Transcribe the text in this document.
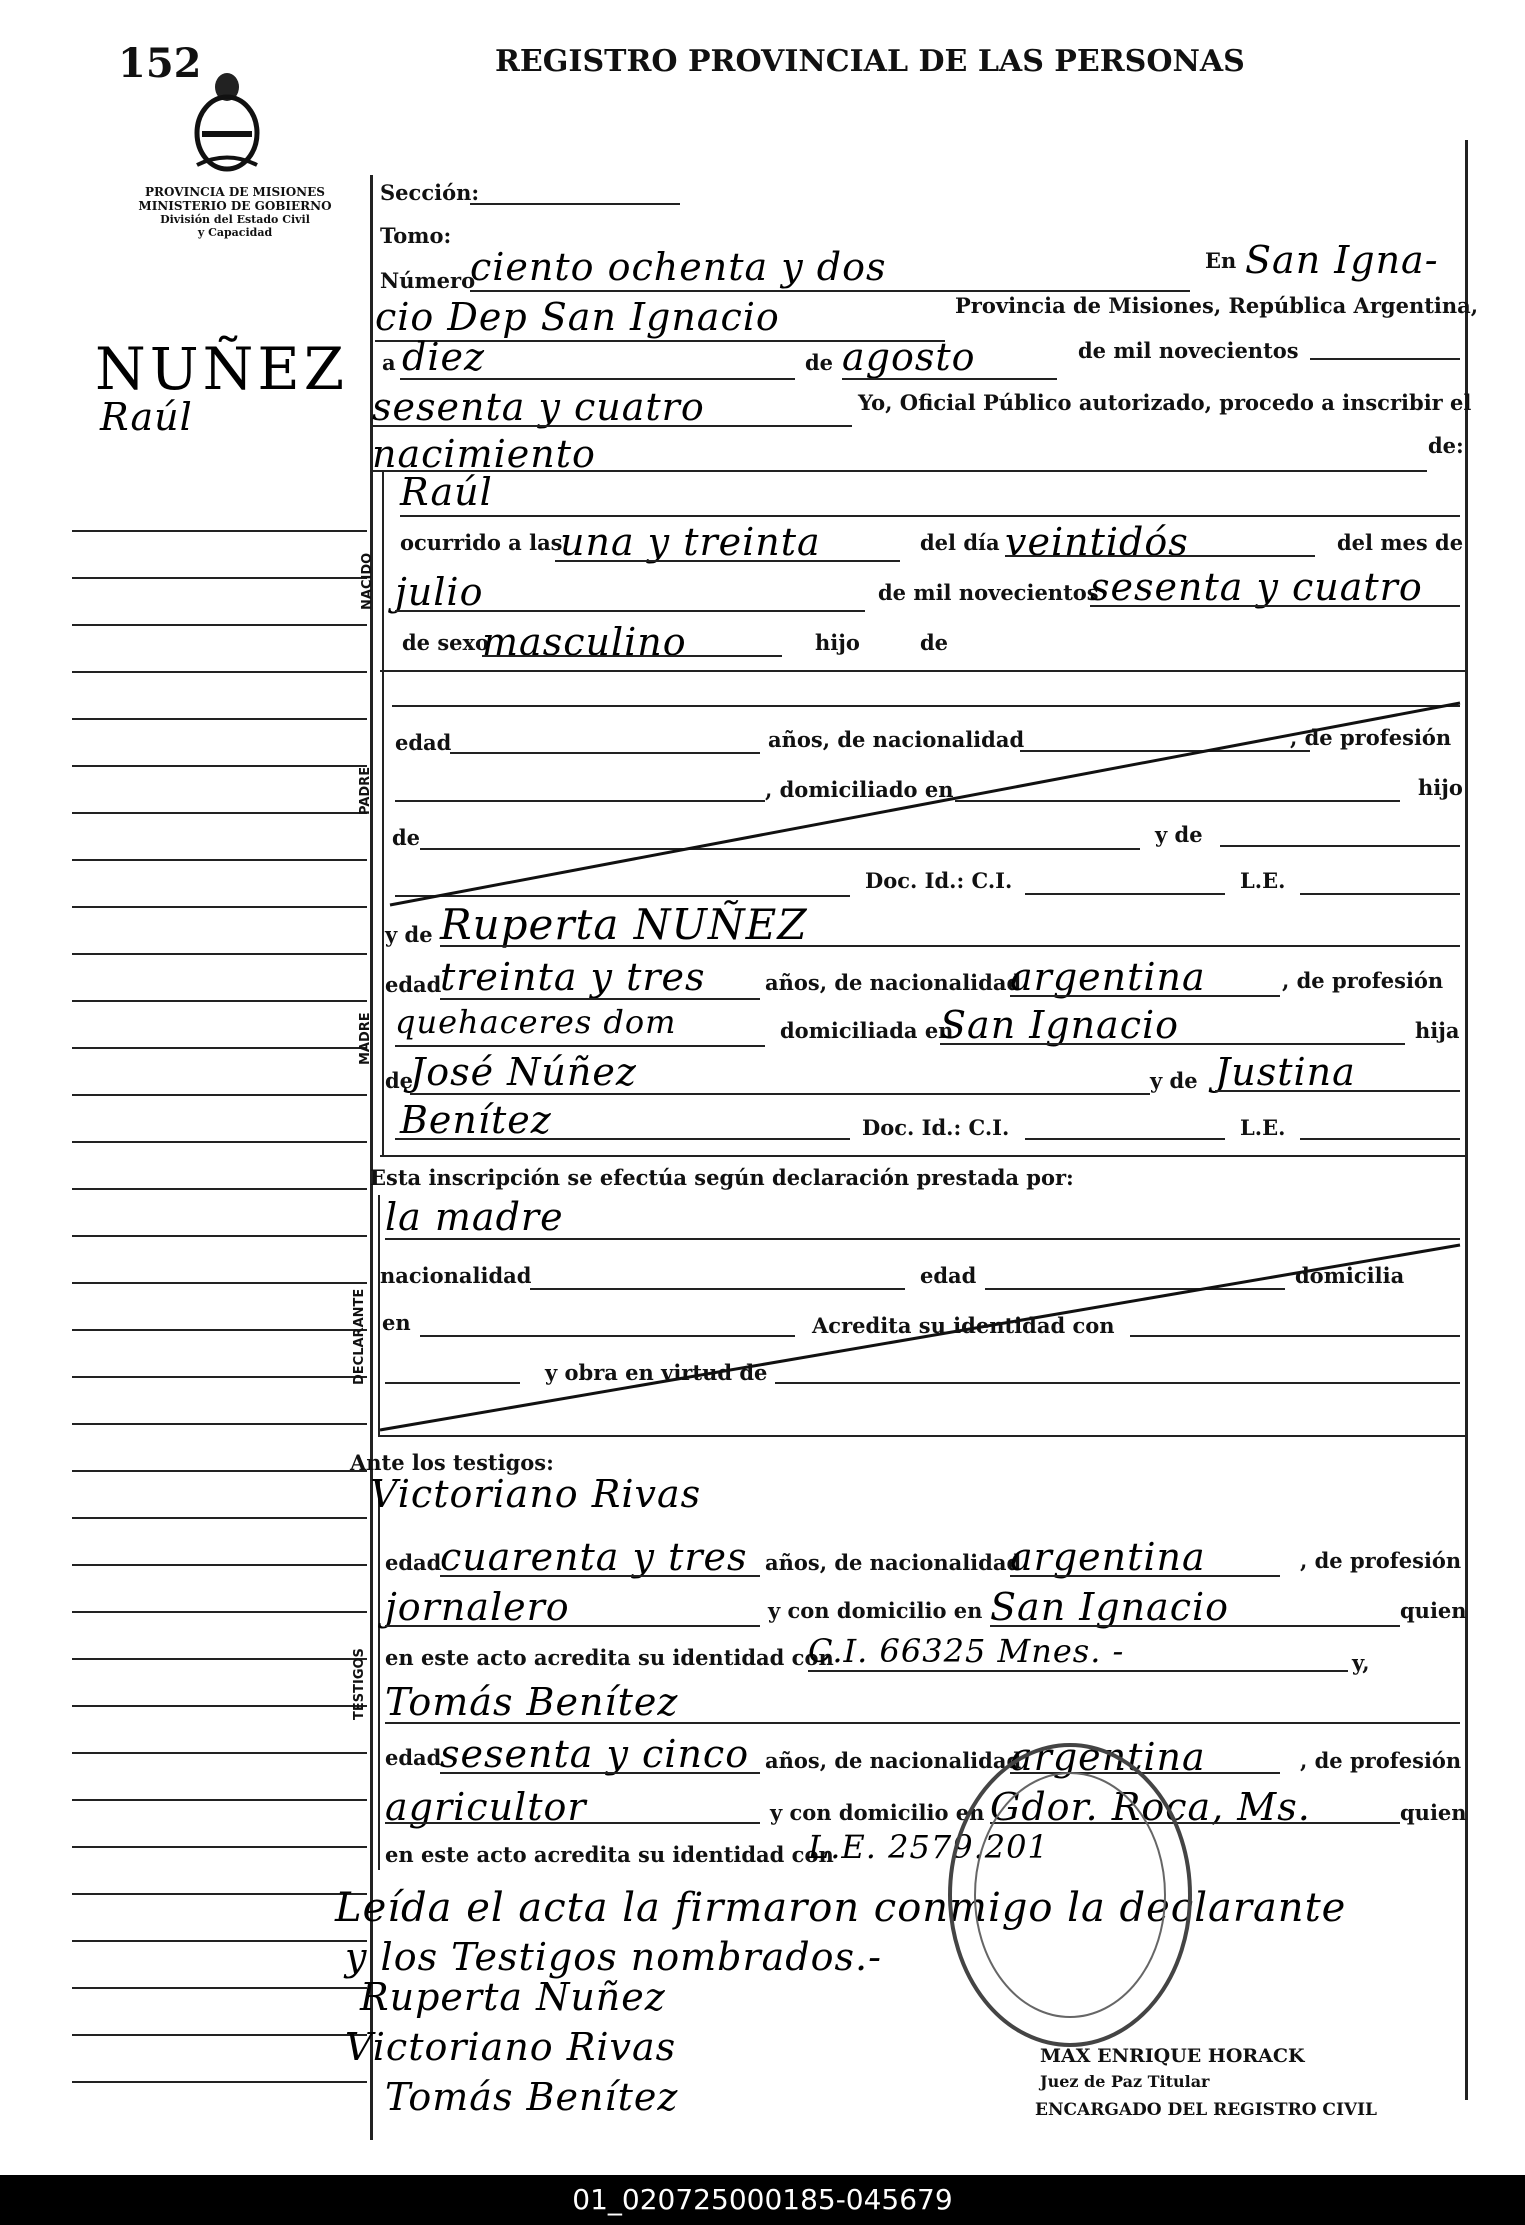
152	REGISTRO PROVINCIAL DE LAS PERSONAS
PROVINCIA DE MISIONES
MINISTERIO DE GOBIERNO
División del Estado Civil
y Capacidad
NUÑEZ
Raúl
Sección:
Tomo:
Número
ciento ochenta y dos	En San Igna-
cio Dep San Ignacio	Provincia de Misiones, República Argentina,
a diez	de agosto	de mil novecientos
sesenta y cuatro	Yo, Oficial Público autorizado, procedo a inscribir el
nacimiento	de:
NACIDO
Raúl
ocurrido a las
una y treinta	del día veintidós	del mes de
julio	de mil novecientos
sesenta y cuatro
de sexo
masculino	hijo	de
PADRE
edad	años, de nacionalidad	, de profesión
, domiciliado en	hijo
de	y de
Doc. Id.: C.I.	L.E.
MADRE
y de Ruperta NUÑEZ
edad
treinta y tres	años, de nacionalidad
argentina	, de profesión
quehaceres dom	domiciliada en
San Ignacio	hija
de
José Núñez	y de Justina
Benítez	Doc. Id.: C.I.	L.E.
Esta inscripción se efectúa según declaración prestada por:
DECLARANTE
la madre
nacionalidad	edad	domicilia
en	Acredita su identidad con
y obra en virtud de
Ante los testigos:
TESTIGOS
Victoriano Rivas
edad
cuarenta y tres años, de nacionalidad
argentina	, de profesión
jornalero	y con domicilio en San Ignacio	quien
en este acto acredita su identidad con
C.I. 66325 Mnes. -	y,
Tomás Benítez
edad
sesenta y cinco años, de nacionalidad
argentina	, de profesión
agricultor	y con domicilio en Gdor. Roca, Ms.	quien
en este acto acredita su identidad con
L.E. 2579.201
Leída el acta la firmaron conmigo la declarante
y los Testigos nombrados.-
Ruperta Nuñez
Victoriano Rivas
Tomás Benítez
MAX ENRIQUE HORACK
Juez de Paz Titular
ENCARGADO DEL REGISTRO CIVIL
01_020725000185-045679
